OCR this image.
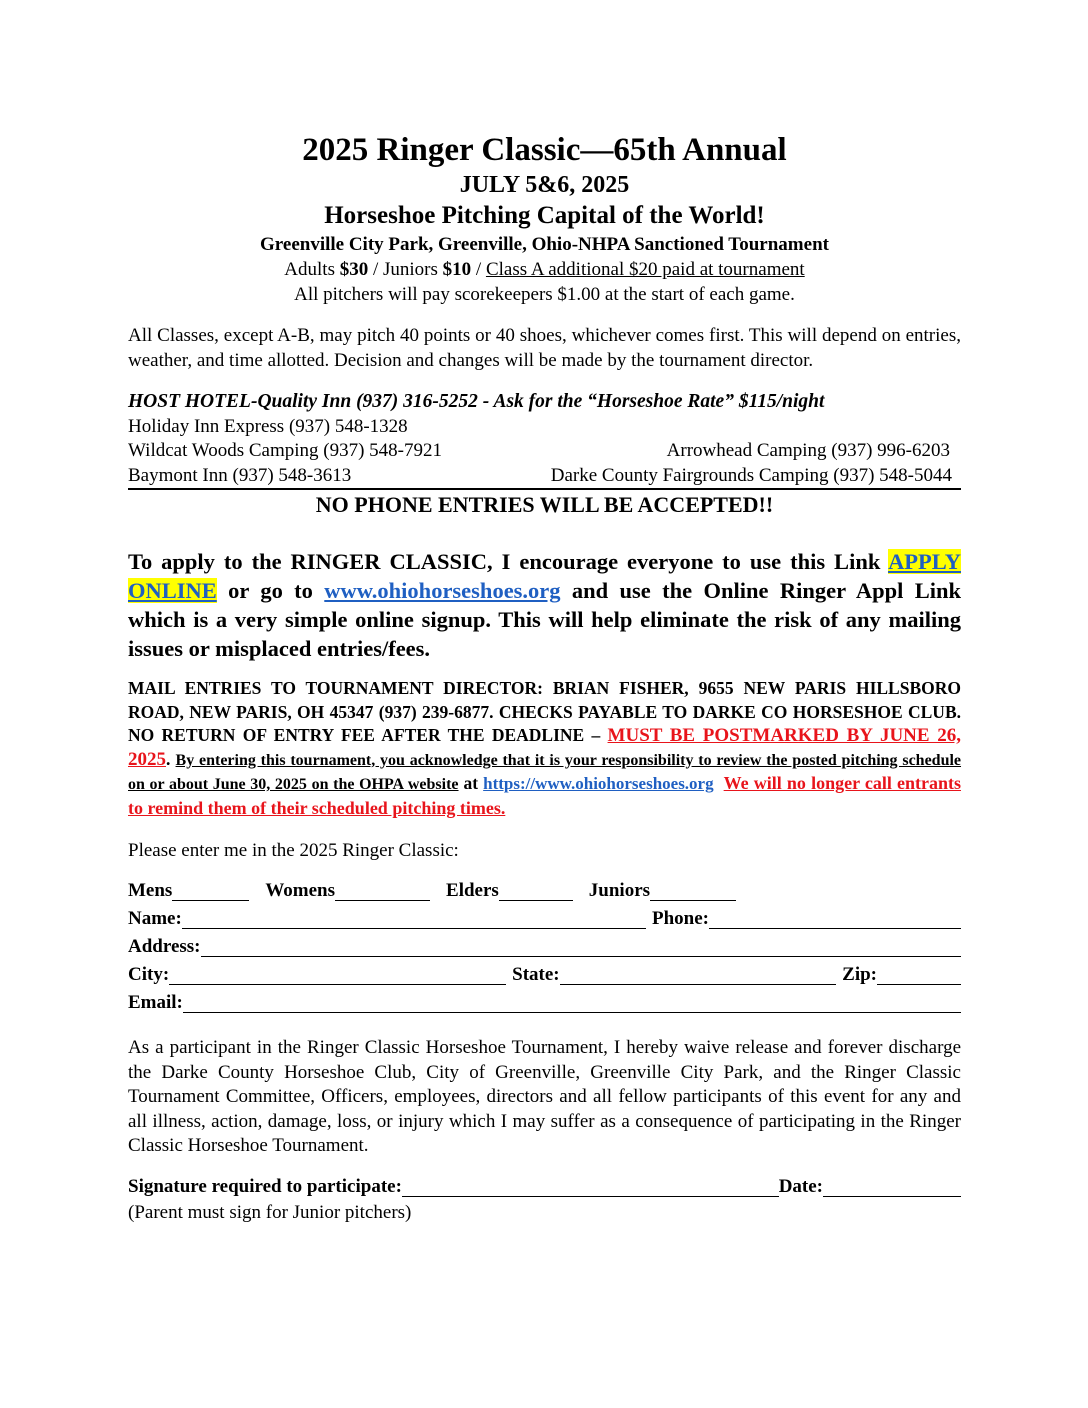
2025 Ringer Classic—65th Annual
JULY 5&6, 2025
Horseshoe Pitching Capital of the World!
Greenville City Park, Greenville, Ohio-NHPA Sanctioned Tournament
Adults $30 / Juniors $10 / Class A additional $20 paid at tournament
All pitchers will pay scorekeepers $1.00 at the start of each game.
All Classes, except A-B, may pitch 40 points or 40 shoes, whichever comes first. This will depend on entries, weather, and time allotted. Decision and changes will be made by the tournament director.
HOST HOTEL-Quality Inn (937) 316-5252 - Ask for the “Horseshoe Rate” $115/night
Holiday Inn Express (937) 548-1328
Wildcat Woods Camping (937) 548-7921	Arrowhead Camping (937) 996-6203
Baymont Inn (937) 548-3613	Darke County Fairgrounds Camping (937) 548-5044
NO PHONE ENTRIES WILL BE ACCEPTED!!
To apply to the RINGER CLASSIC, I encourage everyone to use this Link APPLY ONLINE or go to www.ohiohorseshoes.org and use the Online Ringer Appl Link which is a very simple online signup. This will help eliminate the risk of any mailing issues or misplaced entries/fees.
MAIL ENTRIES TO TOURNAMENT DIRECTOR: BRIAN FISHER, 9655 NEW PARIS HILLSBORO ROAD, NEW PARIS, OH 45347 (937) 239-6877. CHECKS PAYABLE TO DARKE CO HORSESHOE CLUB. NO RETURN OF ENTRY FEE AFTER THE DEADLINE – MUST BE POSTMARKED BY JUNE 26, 2025. By entering this tournament, you acknowledge that it is your responsibility to review the posted pitching schedule on or about June 30, 2025 on the OHPA website at https://www.ohiohorseshoes.org We will no longer call entrants to remind them of their scheduled pitching times.
Please enter me in the 2025 Ringer Classic:
Mens	Womens	Elders	Juniors
Name:	Phone:
Address:
City:	State:	Zip:
Email:
As a participant in the Ringer Classic Horseshoe Tournament, I hereby waive release and forever discharge the Darke County Horseshoe Club, City of Greenville, Greenville City Park, and the Ringer Classic Tournament Committee, Officers, employees, directors and all fellow participants of this event for any and all illness, action, damage, loss, or injury which I may suffer as a consequence of participating in the Ringer Classic Horseshoe Tournament.
Signature required to participate:	Date:
(Parent must sign for Junior pitchers)
